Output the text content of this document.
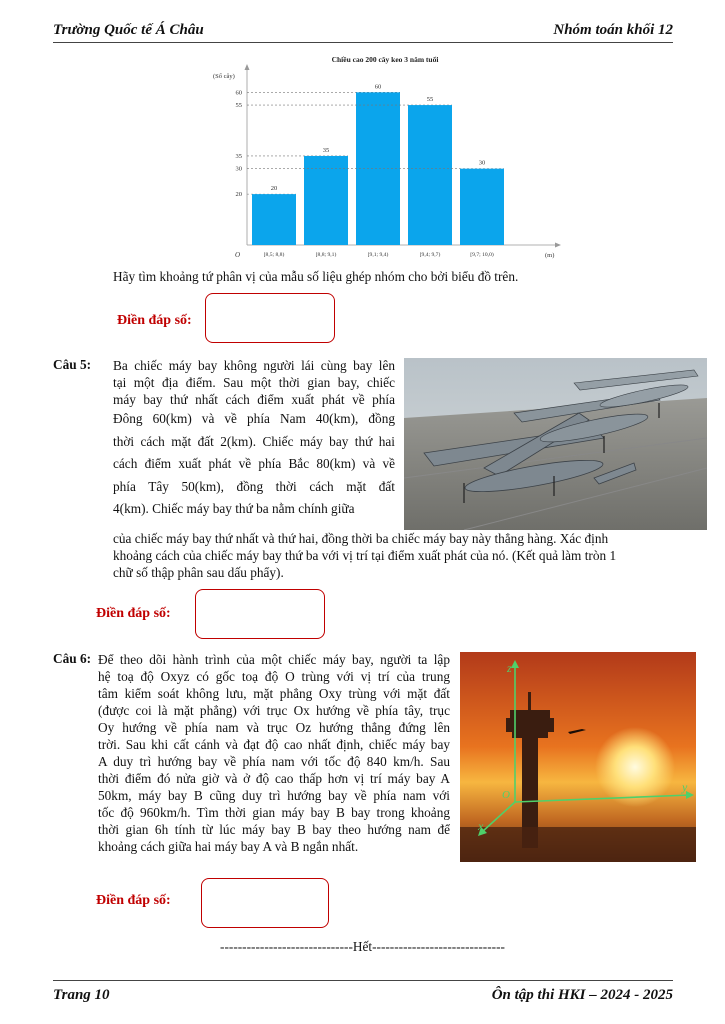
Trường Quốc tế Á Châu	Nhóm toán khối 12
Chiều cao 200 cây keo 3 năm tuổi
(Số cây)
(m)
O
20
[8,5; 8,8)
35
[8,8; 9,1)
60
[9,1; 9,4)
55
[9,4; 9,7)
30
[9,7; 10,0)
20
30
35
55
60
Hãy tìm khoảng tứ phân vị của mẫu số liệu ghép nhóm cho bởi biểu đồ trên.
Điền đáp số:
Câu 5: Ba chiếc máy bay không người lái cùng bay lên

tại một địa điểm. Sau một thời gian bay, chiếc

máy bay thứ nhất cách điểm xuất phát về phía

Đông 60(km) và về phía Nam 40(km), đồng

thời cách mặt đất 2(km). Chiếc máy bay thứ hai

cách điểm xuất phát về phía Bắc 80(km) và về

phía Tây 50(km), đồng thời cách mặt đất

4(km). Chiếc máy bay thứ ba nằm chính giữa

của chiếc máy bay thứ nhất và thứ hai, đồng thời ba chiếc máy bay này thẳng hàng. Xác định

khoảng cách của chiếc máy bay thứ ba với vị trí tại điểm xuất phát của nó. (Kết quả làm tròn 1

chữ số thập phân sau dấu phẩy).

Điền đáp số:
Câu 6: Để theo dõi hành trình của một chiếc máy bay, người ta lập

hệ toạ độ Oxyz có gốc toạ độ O trùng với vị trí của trung

tâm kiểm soát không lưu, mặt phẳng Oxy trùng với mặt đất

(được coi là mặt phẳng) với trục Ox hướng về phía tây, trục

Oy hướng về phía nam và trục Oz hướng thẳng đứng lên

trời. Sau khi cất cánh và đạt độ cao nhất định, chiếc máy bay

A duy trì hướng bay về phía nam với tốc độ 840 km/h. Sau

thời điểm đó nửa giờ và ở độ cao thấp hơn vị trí máy bay A

50km, máy bay B cũng duy trì hướng bay về phía nam với

tốc độ 960km/h. Tìm thời gian máy bay B bay trong khoảng

thời gian 6h tính từ lúc máy bay B bay theo hướng nam để

khoảng cách giữa hai máy bay A và B ngắn nhất.

z
y
x
O
Điền đáp số:
------------------------------Hết------------------------------
Trang 10	Ôn tập thi HKI – 2024 - 2025
